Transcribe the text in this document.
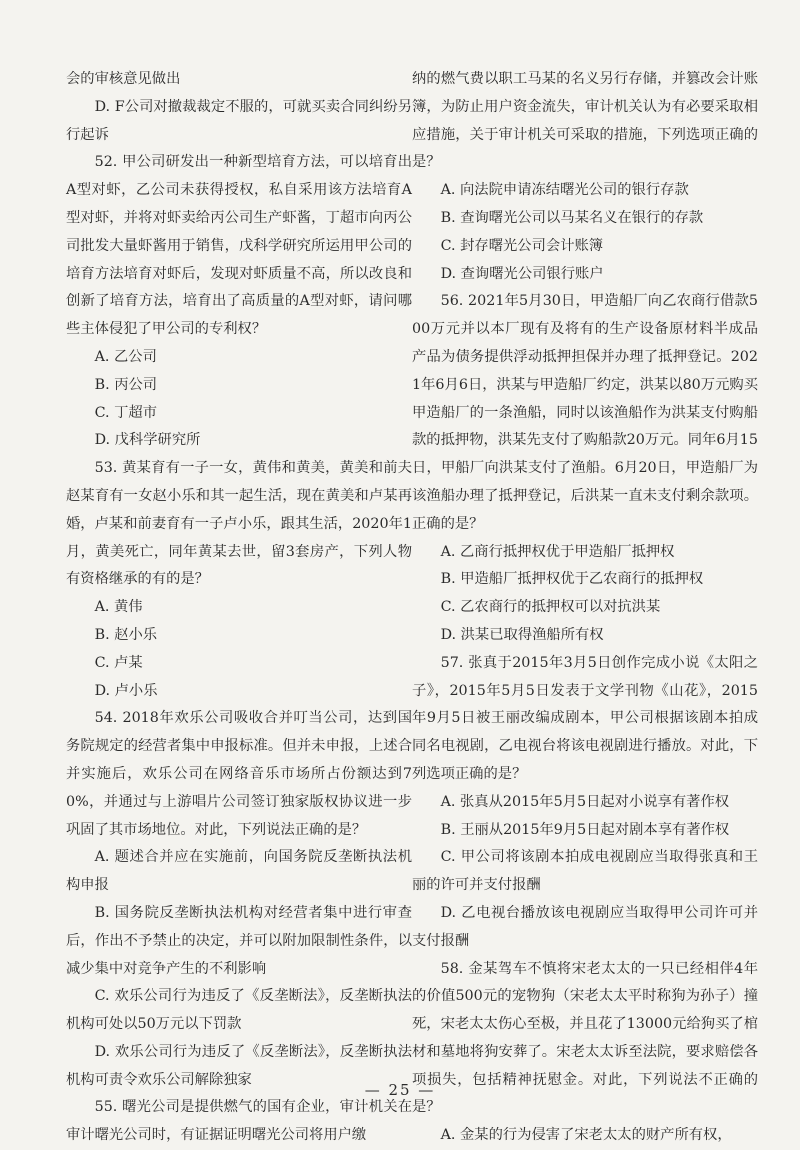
会的审核意见做出

D. F公司对撤裁裁定不服的，可就买卖合同纠纷另行起诉

52. 甲公司研发出一种新型培育方法，可以培育出A型对虾，乙公司未获得授权，私自采用该方法培育A型对虾，并将对虾卖给丙公司生产虾酱，丁超市向丙公司批发大量虾酱用于销售，戊科学研究所运用甲公司的培育方法培育对虾后，发现对虾质量不高，所以改良和创新了培育方法，培育出了高质量的A型对虾，请问哪些主体侵犯了甲公司的专利权？

A. 乙公司

B. 丙公司

C. 丁超市

D. 戊科学研究所

53. 黄某育有一子一女，黄伟和黄美，黄美和前夫赵某育有一女赵小乐和其一起生活，现在黄美和卢某再婚，卢某和前妻育有一子卢小乐，跟其生活，2020年1月，黄美死亡，同年黄某去世，留3套房产，下列人物有资格继承的有的是？

A. 黄伟

B. 赵小乐

C. 卢某

D. 卢小乐

54. 2018年欢乐公司吸收合并叮当公司，达到国务院规定的经营者集中申报标准。但并未申报，上述合并实施后，欢乐公司在网络音乐市场所占份额达到70%，并通过与上游唱片公司签订独家版权协议进一步巩固了其市场地位。对此，下列说法正确的是？

A. 题述合并应在实施前，向国务院反垄断执法机构申报

B. 国务院反垄断执法机构对经营者集中进行审查后，作出不予禁止的决定，并可以附加限制性条件，以减少集中对竞争产生的不利影响

C. 欢乐公司行为违反了《反垄断法》，反垄断执法机构可处以50万元以下罚款

D. 欢乐公司行为违反了《反垄断法》，反垄断执法机构可责令欢乐公司解除独家

55. 曙光公司是提供燃气的国有企业，审计机关在审计曙光公司时，有证据证明曙光公司将用户缴

纳的燃气费以职工马某的名义另行存储，并篡改会计账簿，为防止用户资金流失，审计机关认为有必要采取相应措施，关于审计机关可采取的措施，下列选项正确的是？

A. 向法院申请冻结曙光公司的银行存款

B. 查询曙光公司以马某名义在银行的存款

C. 封存曙光公司会计账簿

D. 查询曙光公司银行账户

56. 2021年5月30日，甲造船厂向乙农商行借款500万元并以本厂现有及将有的生产设备原材料半成品产品为债务提供浮动抵押担保并办理了抵押登记。2021年6月6日，洪某与甲造船厂约定，洪某以80万元购买甲造船厂的一条渔船，同时以该渔船作为洪某支付购船款的抵押物，洪某先支付了购船款20万元。同年6月15日，甲船厂向洪某支付了渔船。6月20日，甲造船厂为该渔船办理了抵押登记，后洪某一直未支付剩余款项。正确的是？

A. 乙商行抵押权优于甲造船厂抵押权

B. 甲造船厂抵押权优于乙农商行的抵押权

C. 乙农商行的抵押权可以对抗洪某

D. 洪某已取得渔船所有权

57. 张真于2015年3月5日创作完成小说《太阳之子》，2015年5月5日发表于文学刊物《山花》，2015年9月5日被王丽改编成剧本，甲公司根据该剧本拍成同名电视剧，乙电视台将该电视剧进行播放。对此，下列选项正确的是？

A. 张真从2015年5月5日起对小说享有著作权

B. 王丽从2015年9月5日起对剧本享有著作权

C. 甲公司将该剧本拍成电视剧应当取得张真和王丽的许可并支付报酬

D. 乙电视台播放该电视剧应当取得甲公司许可并支付报酬

58. 金某驾车不慎将宋老太太的一只已经相伴4年的价值500元的宠物狗（宋老太太平时称狗为孙子）撞死，宋老太太伤心至极，并且花了13000元给狗买了棺材和墓地将狗安葬了。宋老太太诉至法院，要求赔偿各项损失，包括精神抚慰金。对此，下列说法不正确的是？

A. 金某的行为侵害了宋老太太的财产所有权，

— 25 —
